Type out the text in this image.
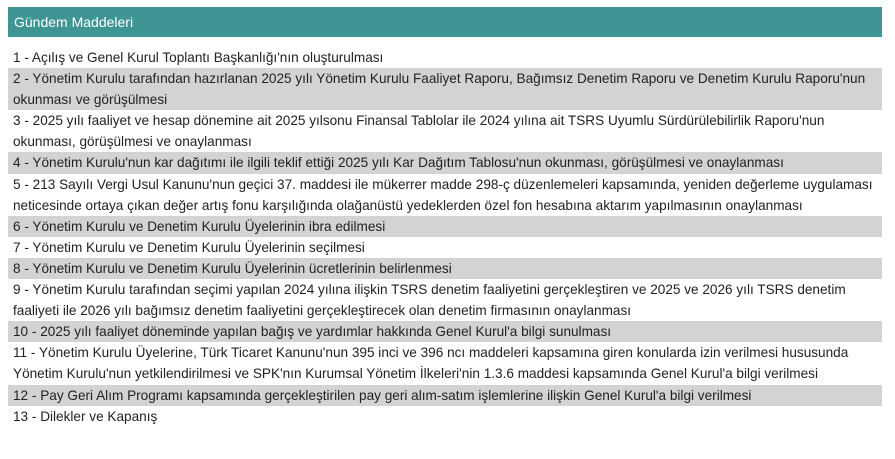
Gündem Maddeleri
1 - Açılış ve Genel Kurul Toplantı Başkanlığı'nın oluşturulması
2 - Yönetim Kurulu tarafından hazırlanan 2025 yılı Yönetim Kurulu Faaliyet Raporu, Bağımsız Denetim Raporu ve Denetim Kurulu Raporu'nun okunması ve görüşülmesi
3 - 2025 yılı faaliyet ve hesap dönemine ait 2025 yılsonu Finansal Tablolar ile 2024 yılına ait TSRS Uyumlu Sürdürülebilirlik Raporu'nun okunması, görüşülmesi ve onaylanması
4 - Yönetim Kurulu'nun kar dağıtımı ile ilgili teklif ettiği 2025 yılı Kar Dağıtım Tablosu'nun okunması, görüşülmesi ve onaylanması
5 - 213 Sayılı Vergi Usul Kanunu'nun geçici 37. maddesi ile mükerrer madde 298-ç düzenlemeleri kapsamında, yeniden değerleme uygulaması neticesinde ortaya çıkan değer artış fonu karşılığında olağanüstü yedeklerden özel fon hesabına aktarım yapılmasının onaylanması
6 - Yönetim Kurulu ve Denetim Kurulu Üyelerinin ibra edilmesi
7 - Yönetim Kurulu ve Denetim Kurulu Üyelerinin seçilmesi
8 - Yönetim Kurulu ve Denetim Kurulu Üyelerinin ücretlerinin belirlenmesi
9 - Yönetim Kurulu tarafından seçimi yapılan 2024 yılına ilişkin TSRS denetim faaliyetini gerçekleştiren ve 2025 ve 2026 yılı TSRS denetim faaliyeti ile 2026 yılı bağımsız denetim faaliyetini gerçekleştirecek olan denetim firmasının onaylanması
10 - 2025 yılı faaliyet döneminde yapılan bağış ve yardımlar hakkında Genel Kurul'a bilgi sunulması
11 - Yönetim Kurulu Üyelerine, Türk Ticaret Kanunu'nun 395 inci ve 396 ncı maddeleri kapsamına giren konularda izin verilmesi hususunda Yönetim Kurulu'nun yetkilendirilmesi ve SPK'nın Kurumsal Yönetim İlkeleri'nin 1.3.6 maddesi kapsamında Genel Kurul'a bilgi verilmesi
12 - Pay Geri Alım Programı kapsamında gerçekleştirilen pay geri alım-satım işlemlerine ilişkin Genel Kurul'a bilgi verilmesi
13 - Dilekler ve Kapanış
